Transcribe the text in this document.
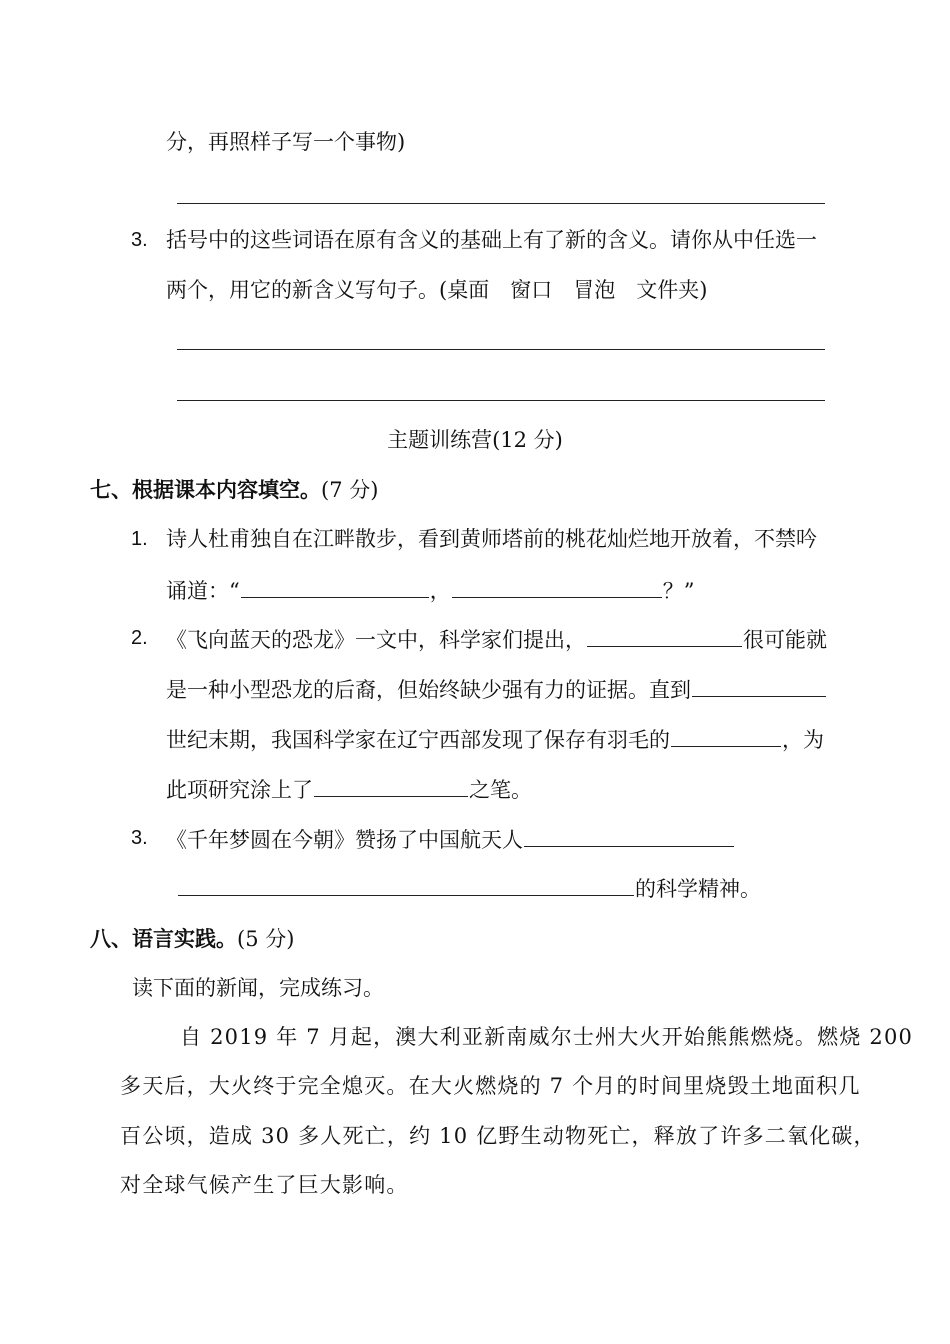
分，再照样子写一个事物)
3. 括号中的这些词语在原有含义的基础上有了新的含义。请你从中任选一
两个，用它的新含义写句子。(桌面　窗口　冒泡　文件夹)
主题训练营(12 分)
七、根据课本内容填空。(7 分)
1. 诗人杜甫独自在江畔散步，看到黄师塔前的桃花灿烂地开放着，不禁吟
诵道：“	，	？”
2. 《飞向蓝天的恐龙》一文中，科学家们提出，	很可能就
是一种小型恐龙的后裔，但始终缺少强有力的证据。直到
世纪末期，我国科学家在辽宁西部发现了保存有羽毛的	，为
此项研究涂上了	之笔。
3. 《千年梦圆在今朝》赞扬了中国航天人
的科学精神。
八、语言实践。(5 分)
读下面的新闻，完成练习。
自 2019 年 7 月起，澳大利亚新南威尔士州大火开始熊熊燃烧。燃烧 200
多天后，大火终于完全熄灭。在大火燃烧的 7 个月的时间里烧毁土地面积几
百公顷，造成 30 多人死亡，约 10 亿野生动物死亡，释放了许多二氧化碳，
对全球气候产生了巨大影响。
